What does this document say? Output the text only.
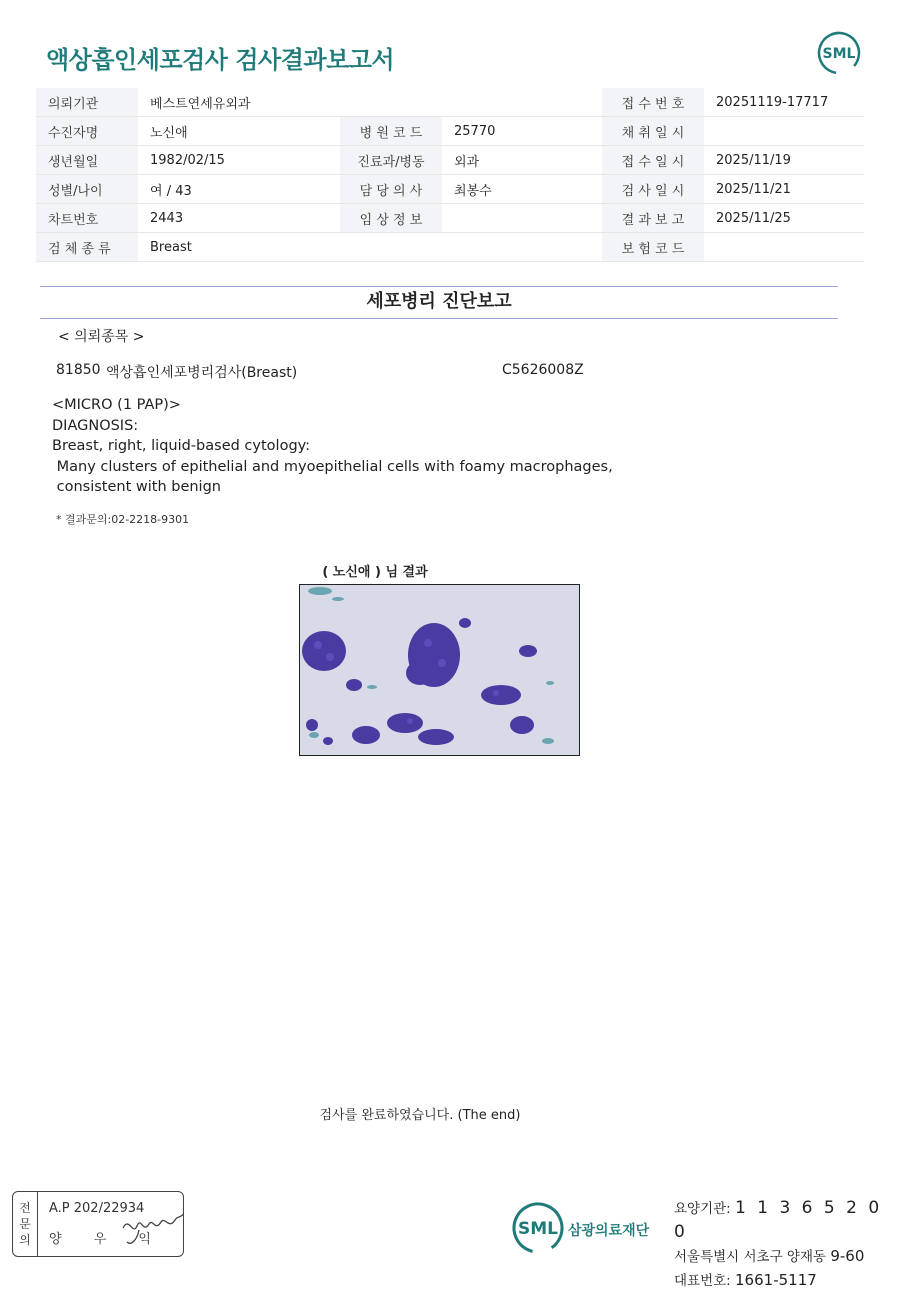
액상흡인세포검사 검사결과보고서	SML
의뢰기관	베스트연세유외과			접 수 번 호	20251119-17717
수진자명	노신애	병 원 코 드	25770	채 취 일 시	
생년월일	1982/02/15	진료과/병동	외과	접 수 일 시	2025/11/19
성별/나이	여 / 43	담 당 의 사	최봉수	검 사 일 시	2025/11/21
차트번호	2443	임 상 정 보		결 과 보 고	2025/11/25
검 체 종 류	Breast			보 험 코 드	
세포병리 진단보고
< 의뢰종목 >
81850 액상흡인세포병리검사(Breast)	C5626008Z
<MICRO (1 PAP)>
DIAGNOSIS:
Breast, right, liquid-based cytology:
Many clusters of epithelial and myoepithelial cells with foamy macrophages,
consistent with benign
* 결과문의:02-2218-9301
( 노신애 ) 님 결과
검사를 완료하였습니다. (The end)
전
문
의
A.P 202/22934
양 우 익
SML 삼광의료재단
요양기관: 1 1 3 6 5 2 0 0
서울특별시 서초구 양재동 9-60
대표번호: 1661-5117
